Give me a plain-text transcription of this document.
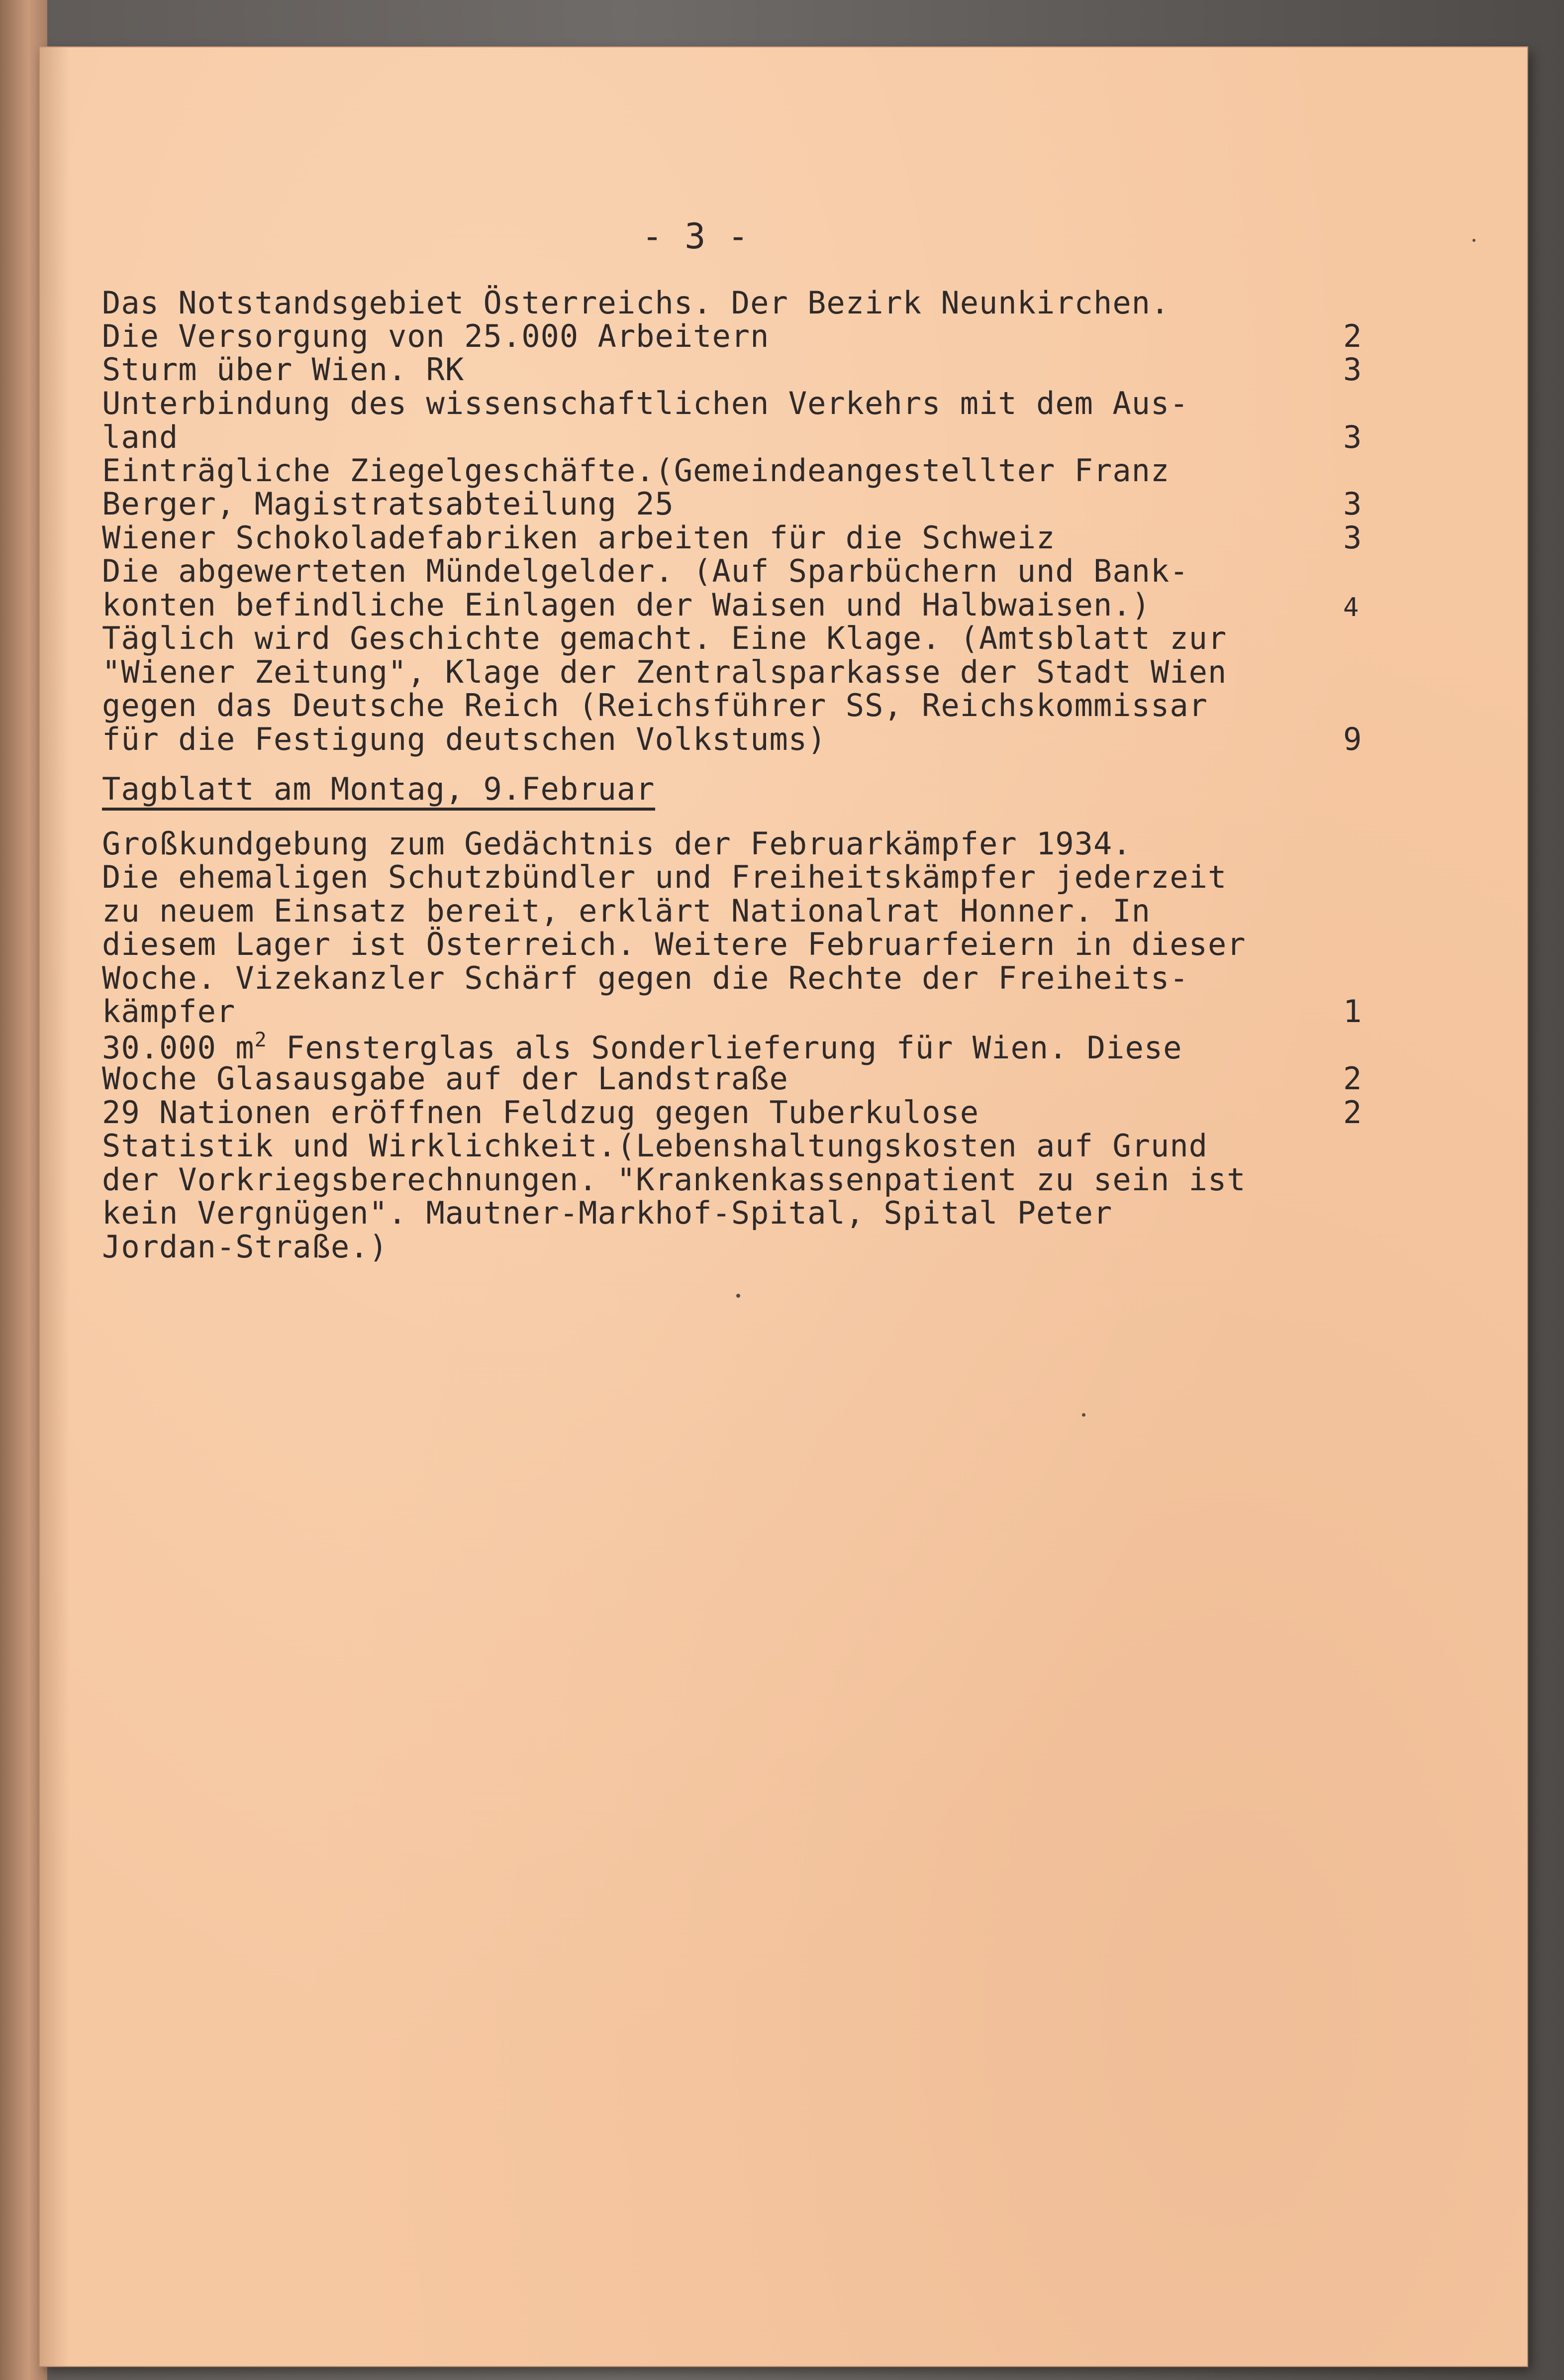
- 3 -
Das Notstandsgebiet Österreichs. Der Bezirk Neunkirchen.
Die Versorgung von 25.000 Arbeitern	2
Sturm über Wien. RK	3
Unterbindung des wissenschaftlichen Verkehrs mit dem Aus-
land	3
Einträgliche Ziegelgeschäfte.(Gemeindeangestellter Franz
Berger, Magistratsabteilung 25	3
Wiener Schokoladefabriken arbeiten für die Schweiz	3
Die abgewerteten Mündelgelder. (Auf Sparbüchern und Bank-
konten befindliche Einlagen der Waisen und Halbwaisen.)	4
Täglich wird Geschichte gemacht. Eine Klage. (Amtsblatt zur
"Wiener Zeitung", Klage der Zentralsparkasse der Stadt Wien
gegen das Deutsche Reich (Reichsführer SS, Reichskommissar
für die Festigung deutschen Volkstums)	9
Tagblatt am Montag, 9.Februar
Großkundgebung zum Gedächtnis der Februarkämpfer 1934.
Die ehemaligen Schutzbündler und Freiheitskämpfer jederzeit
zu neuem Einsatz bereit, erklärt Nationalrat Honner. In
diesem Lager ist Österreich. Weitere Februarfeiern in dieser
Woche. Vizekanzler Schärf gegen die Rechte der Freiheits-
kämpfer	1
30.000 $m^2$ Fensterglas als Sonderlieferung für Wien. Diese
Woche Glasausgabe auf der Landstraße	2
29 Nationen eröffnen Feldzug gegen Tuberkulose	2
Statistik und Wirklichkeit.(Lebenshaltungskosten auf Grund
der Vorkriegsberechnungen. "Krankenkassenpatient zu sein ist
kein Vergnügen". Mautner-Markhof-Spital, Spital Peter
Jordan-Straße.)
